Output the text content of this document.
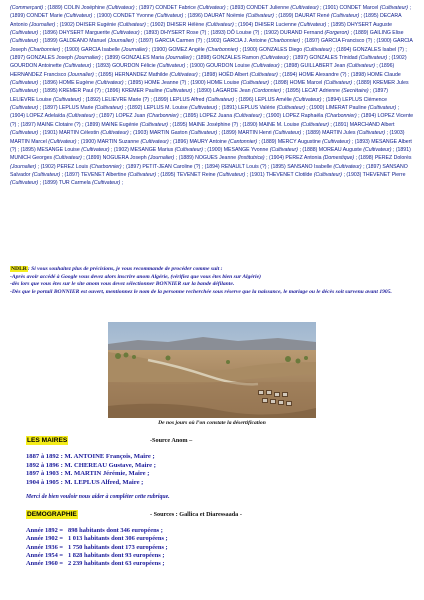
(Commerçant) ; (1889) COLIN Joséphine (Cultivateur) ; (1897) CONDET Fabrice (Cultivateur) ; (1893) CONDET Julienne (Cultivateur) ; (1901) CONDET Marcel (Cultivateur) ; (1899) CONDET Marie (Cultivateur) ; (1900) CONDET Yvonne (Cultivateur) ; (1896) DAURAT Noëmie (Cultivateur) ; (1899) DAURAT René (Cultivateur) ; (1895) DECARA Antonio (Journalier) ; (1902) DHISER Eugénie (Cultivateur) ; (1902) DHISER Hélène (Cultivateur) ; (1904) DHISER Lucienne (Cultivateur) ; (1895) DHYSERT Auguste (Cultivateur) ; (1896) DHYSERT Marguerite (Cultivateur) ; (1893) DHYSERT Rose (?) ; (1893) DÔ Louise (?) ; (1902) DURAND Fernand (Forgeron) ; (1889) GAILING Elise (Cultivateur) ; (1899) GALDEANO Manuel (Journalier) ; (1897) GARCIA Carmen (?) ; (1902) GARCIA J. Antoine (Charbonnier) ; (1897) GARCIA Francisco (?) ; (1900) GARCIA Joseph (Charbonnier) ; (1900) GARCIA Isabelle (Journalier) ; (1900) GOMEZ Angèle (Charbonnier) ; (1900) GONZALES Diego (Cultivateur) ; (1894) GONZALES Isabel (?) ; (1897) GONZALES Joseph (Journalier) ; (1899) GONZALES Maria (Journalier) ; (1898) GONZALES Ramon (Cultivateur) ; (1897) GONZALES Trinidad (Cultivateur) ; (1902) GOURDON Antoinette (Cultivateur) ; (1893) GOURDON Félicie (Cultivateur) ; (1900) GOURDON Louise (Cultivateur) ; (1898) GUILLABERT Jean (Cultivateur) ; (1896) HERNANDEZ Francisco (Journalier) ; (1895) HERNANDEZ Mathilde (Cultivateur) ; (1898) HOËD Albert (Cultivateur) ; (1894) HOME Alexandre (?) ; (1898) HOME Claude (Cultivateur) ; (1896) HOME Eugène (Cultivateur) ; (1895) HOME Jeanne (?) ; (1900) HOME Louise (Cultivateur) ; (1898) HOME Marcel (Cultivateur) ; (1889) KREMER Jules (Cultivateur) ; (1895) KREMER Paul (?) ; (1896) KREMER Pauline (Cultivateur) ; (1890) LAGARDE Jean (Cordonnier) ; (1895) LECAT Adrienne (Secrétaire) ; (1897) LELIEVRE Louise (Cultivateur) ; (1892) LELIEVRE Marie (?) ; (1899) LEPLUS Alfred (Cultivateur) ; (1896) LEPLUS Amélie (Cultivateur) ; (1894) LEPLUS Clémence (Cultivateur) ; (1897) LEPLUS Marie (Cultivateur) ; (1892) LEPLUS M. Louise (Cultivateur) ; (1891) LEPLUS Valérie (Cultivateur) ; (1900) LIMERAT Pauline (Cultivateur) ; (1904) LOPEZ Adelaïda (Cultivateur) ; (1897) LOPEZ Juan (Charbonnier) ; (1895) LOPEZ Juana (Cultivateur) ; (1900) LOPEZ Raphaëla (Charbonnier) ; (1894) LOPEZ Vicente (?) ; (1897) MAINE Clotaire (?) ; (1899) MAINE Eugénie (Cultivateur) ; (1895) MAINE Joséphine (?) ; (1890) MAINE M. Louise (Cultivateur) ; (1891) MARCHAND Albert (Cultivateur) ; (1901) MARTIN Célestin (Cultivateur) ; (1903) MARTIN Gaston (Cultivateur) ; (1899) MARTIN Henri (Cultivateur) ; (1889) MARTIN Jules (Cultivateur) ; (1903) MARTIN Marcel (Cultivateur) ; (1900) MARTIN Suzanne (Cultivateur) ; (1896) MAURY Antoine (Cantonnier) ; (1889) MERCY Augustine (Cultivateur) ; (1893) MESANGE Albert (?) ; (1895) MESANGE Louise (Cultivateur) ; (1902) MESANGE Marius (Cultivateur) ; (1900) MESANGE Yvonne (Cultivateur) ; (1888) MOREAU Auguste (Cultivateur) ; (1891) MUNICH Georges (Cultivateur) ; (1899) NOGUERA Joseph (Journalier) ; (1889) NOGUES Jeanne (Institutrice) ; (1904) PEREZ Antonia (Domestique) ; (1898) PEREZ Dolorès (Journalier) ; (1902) PEREZ Louis (Charbonnier) ; (1897) PETIT-JEAN Caroline (?) ; (1894) RENAULT Louis (?) ; (1895) SANSANO Isabelle (Cultivateur) ; (1897) SANSANO Salvador (Cultivateur) ; (1897) TEVENET Albertine (Cultivateur) ; (1895) TEVENET Reine (Cultivateur) ; (1901) THEVENET Clotilde (Cultivateur) ; (1903) THEVENET Pierre (Cultivateur) ; (1899) TUR Carmela (Cultivateur) ;

NDLR: Si vous souhaitez plus de précisions, je vous recommande de procéder comme suit :

-Après avoir accédé à Google vous devez alors inscrire anom Algérie, (vérifiez que vous êtes bien sur Algérie)

-dès lors que vous êtes sur le site anom vous devez sélectionner BONNIER sur la bande défilante.

-Dès que le portail BONNIER est ouvert, mentionnez le nom de la personne recherchée sous réserve que la naissance, le mariage ou le décès soit survenu avant 1905.

De nos jours où l’on constate la désertification
LES MAIRES	-Source Anom –
1887 à 1892 : M. ANTOINE François, Maire ;
1892 à 1896 : M. CHEREAU Gustave, Maire ;
1897 à 1903 : M. MARTIN Jérémie, Maire ;
1904 à 1905 : M. LEPLUS Alfred, Maire ;
Merci de bien vouloir nous aider à compléter cette rubrique.
DEMOGRAPHIE	- Sources : Gallica et Diaressaada -
Année 1892 = 898 habitants dont 346 européens ;
Année 1902 = 1 013 habitants dont 306 européens ;
Année 1936 = 1 750 habitants dont 173 européens ;
Année 1954 = 1 828 habitants dont 93 européens ;
Année 1960 = 2 239 habitants dont 63 européens ;
